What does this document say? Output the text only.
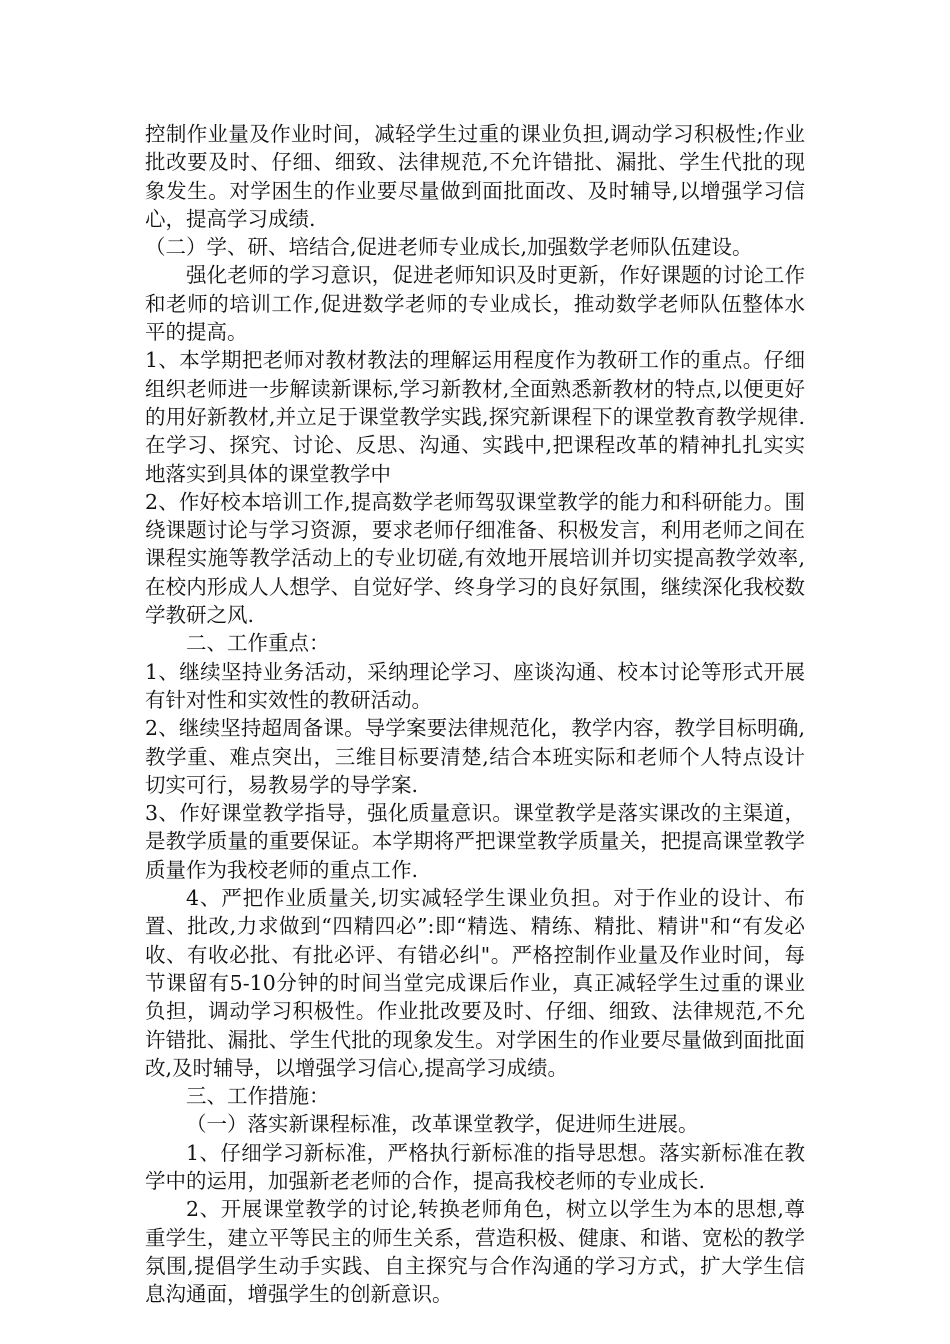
控制作业量及作业时间，减轻学生过重的课业负担,调动学习积极性;作业批改要及时、仔细、细致、法律规范,不允许错批、漏批、学生代批的现象发生。对学困生的作业要尽量做到面批面改、及时辅导,以增强学习信心，提高学习成绩.

（二）学、研、培结合,促进老师专业成长,加强数学老师队伍建设。

强化老师的学习意识，促进老师知识及时更新，作好课题的讨论工作和老师的培训工作,促进数学老师的专业成长，推动数学老师队伍整体水平的提高。

1、本学期把老师对教材教法的理解运用程度作为教研工作的重点。仔细组织老师进一步解读新课标,学习新教材,全面熟悉新教材的特点,以便更好的用好新教材,并立足于课堂教学实践,探究新课程下的课堂教育教学规律.在学习、探究、讨论、反思、沟通、实践中,把课程改革的精神扎扎实实地落实到具体的课堂教学中

2、作好校本培训工作,提高数学老师驾驭课堂教学的能力和科研能力。围绕课题讨论与学习资源，要求老师仔细准备、积极发言，利用老师之间在课程实施等教学活动上的专业切磋,有效地开展培训并切实提高教学效率,在校内形成人人想学、自觉好学、终身学习的良好氛围，继续深化我校数学教研之风.

二、工作重点：

1、继续坚持业务活动，采纳理论学习、座谈沟通、校本讨论等形式开展有针对性和实效性的教研活动。

2、继续坚持超周备课。导学案要法律规范化，教学内容，教学目标明确,教学重、难点突出，三维目标要清楚,结合本班实际和老师个人特点设计切实可行，易教易学的导学案.

3、作好课堂教学指导，强化质量意识。课堂教学是落实课改的主渠道，是教学质量的重要保证。本学期将严把课堂教学质量关，把提高课堂教学质量作为我校老师的重点工作.

4、严把作业质量关,切实减轻学生课业负担。对于作业的设计、布置、批改,力求做到“四精四必”:即“精选、精练、精批、精讲"和“有发必收、有收必批、有批必评、有错必纠"。严格控制作业量及作业时间，每节课留有5-10分钟的时间当堂完成课后作业，真正减轻学生过重的课业负担，调动学习积极性。作业批改要及时、仔细、细致、法律规范,不允许错批、漏批、学生代批的现象发生。对学困生的作业要尽量做到面批面改,及时辅导，以增强学习信心,提高学习成绩。

三、工作措施：

（一）落实新课程标准，改革课堂教学，促进师生进展。

1、仔细学习新标准，严格执行新标准的指导思想。落实新标准在教学中的运用，加强新老老师的合作，提高我校老师的专业成长.

2、开展课堂教学的讨论,转换老师角色，树立以学生为本的思想,尊重学生，建立平等民主的师生关系，营造积极、健康、和谐、宽松的教学氛围,提倡学生动手实践、自主探究与合作沟通的学习方式，扩大学生信息沟通面，增强学生的创新意识。
